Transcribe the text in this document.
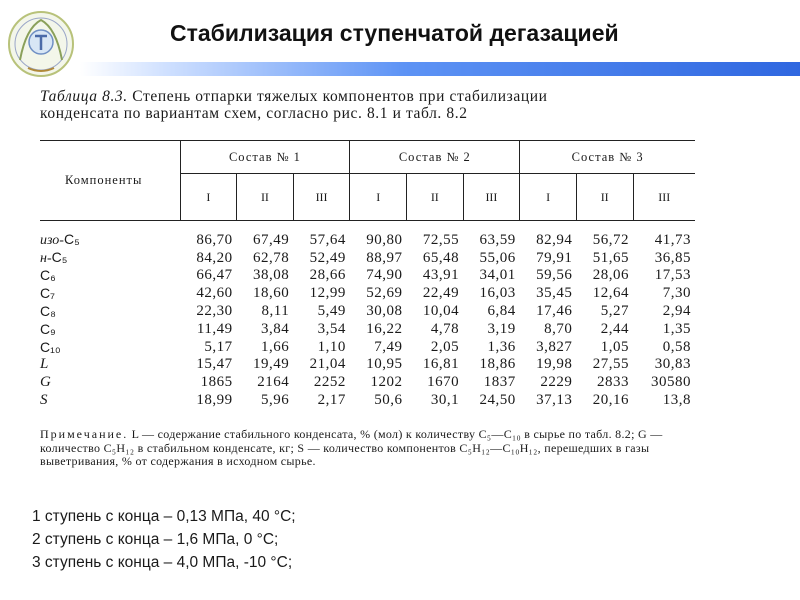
Стабилизация ступенчатой дегазацией
Таблица 8.3. Степень отпарки тяжелых компонентов при стабилизации
конденсата по вариантам схем, согласно рис. 8.1 и табл. 8.2
Компоненты	Состав № 1			Состав № 2			Состав № 3		
	I	II	III	I	II	III	I	II	III
изо-C₅	86,70	67,49	57,64	90,80	72,55	63,59	82,94	56,72	41,73
н-C₅	84,20	62,78	52,49	88,97	65,48	55,06	79,91	51,65	36,85
C₆	66,47	38,08	28,66	74,90	43,91	34,01	59,56	28,06	17,53
C₇	42,60	18,60	12,99	52,69	22,49	16,03	35,45	12,64	7,30
C₈	22,30	8,11	5,49	30,08	10,04	6,84	17,46	5,27	2,94
C₉	11,49	3,84	3,54	16,22	4,78	3,19	8,70	2,44	1,35
C₁₀	5,17	1,66	1,10	7,49	2,05	1,36	3,827	1,05	0,58
L	15,47	19,49	21,04	10,95	16,81	18,86	19,98	27,55	30,83
G	1865	2164	2252	1202	1670	1837	2229	2833	30580
S	18,99	5,96	2,17	50,6	30,1	24,50	37,13	20,16	13,8
Примечание. L — содержание стабильного конденсата, % (мол) к количеству C₅—C₁₀ в сырье по табл. 8.2; G — количество C₅H₁₂ в стабильном конденсате, кг; S — количество компонентов C₅H₁₂—C₁₀H₁₂, перешедших в газы выветривания, % от содержания в исходном сырье.
1 ступень с конца – 0,13 МПа, 40 °С;
2 ступень с конца – 1,6 МПа, 0 °С;
3 ступень с конца – 4,0 МПа, -10 °С;
